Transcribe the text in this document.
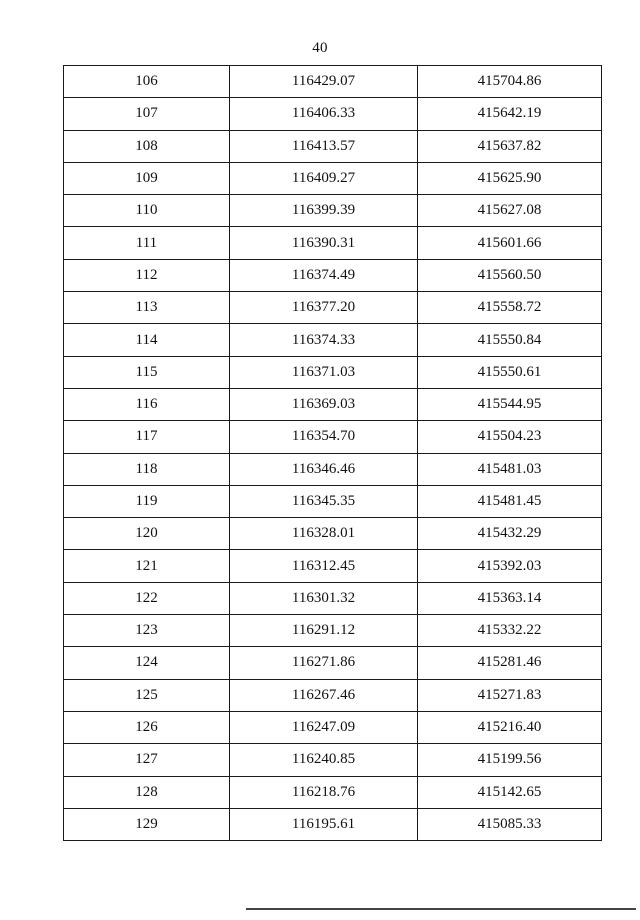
40
106	116429.07	415704.86
107	116406.33	415642.19
108	116413.57	415637.82
109	116409.27	415625.90
110	116399.39	415627.08
111	116390.31	415601.66
112	116374.49	415560.50
113	116377.20	415558.72
114	116374.33	415550.84
115	116371.03	415550.61
116	116369.03	415544.95
117	116354.70	415504.23
118	116346.46	415481.03
119	116345.35	415481.45
120	116328.01	415432.29
121	116312.45	415392.03
122	116301.32	415363.14
123	116291.12	415332.22
124	116271.86	415281.46
125	116267.46	415271.83
126	116247.09	415216.40
127	116240.85	415199.56
128	116218.76	415142.65
129	116195.61	415085.33
